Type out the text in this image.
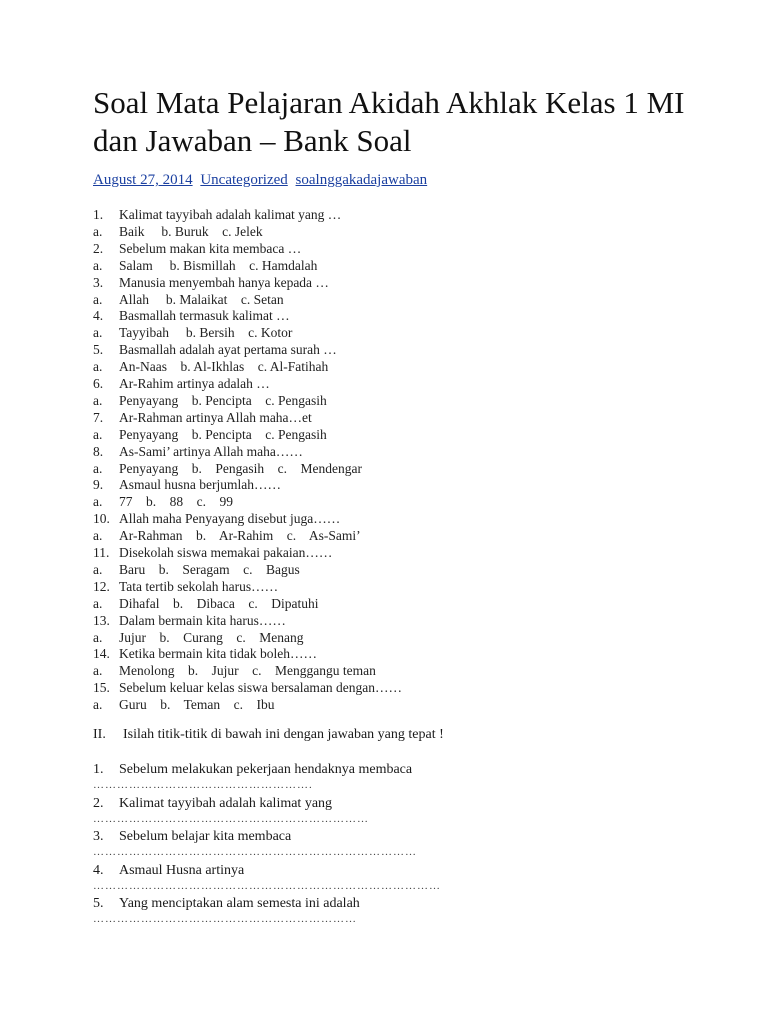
Soal Mata Pelajaran Akidah Akhlak Kelas 1 MI dan Jawaban – Bank Soal
August 27, 2014 Uncategorized soalnggakadajawaban
1. Kalimat tayyibah adalah kalimat yang …
a. Baik     b. Buruk    c. Jelek
2. Sebelum makan kita membaca …
a. Salam     b. Bismillah    c. Hamdalah
3. Manusia menyembah hanya kepada …
a. Allah     b. Malaikat    c. Setan
4. Basmallah termasuk kalimat …
a. Tayyibah     b. Bersih    c. Kotor
5. Basmallah adalah ayat pertama surah …
a. An-Naas    b. Al-Ikhlas    c. Al-Fatihah
6. Ar-Rahim artinya adalah …
a. Penyayang    b. Pencipta    c. Pengasih
7. Ar-Rahman artinya Allah maha…et
a. Penyayang    b. Pencipta    c. Pengasih
8. As-Sami’ artinya Allah maha……
a. Penyayang    b.    Pengasih    c.    Mendengar
9. Asmaul husna berjumlah……
a. 77    b.    88    c.    99
10. Allah maha Penyayang disebut juga……
a. Ar-Rahman    b.    Ar-Rahim    c.    As-Sami’
11. Disekolah siswa memakai pakaian……
a. Baru    b.    Seragam    c.    Bagus
12. Tata tertib sekolah harus……
a. Dihafal    b.    Dibaca    c.    Dipatuhi
13. Dalam bermain kita harus……
a. Jujur    b.    Curang    c.    Menang
14. Ketika bermain kita tidak boleh……
a. Menolong    b.    Jujur    c.    Menggangu teman
15. Sebelum keluar kelas siswa bersalaman dengan……
a. Guru    b.    Teman    c.    Ibu
II. Isilah titik-titik di bawah ini dengan jawaban yang tepat !
1. Sebelum melakukan pekerjaan hendaknya membaca
……………………………………………….
2. Kalimat tayyibah adalah kalimat yang
……………………………………………………………
3. Sebelum belajar kita membaca
………………………………………………………………………
4. Asmaul Husna artinya
……………………………………………………………………………
5. Yang menciptakan alam semesta ini adalah
…………………………………………………………
